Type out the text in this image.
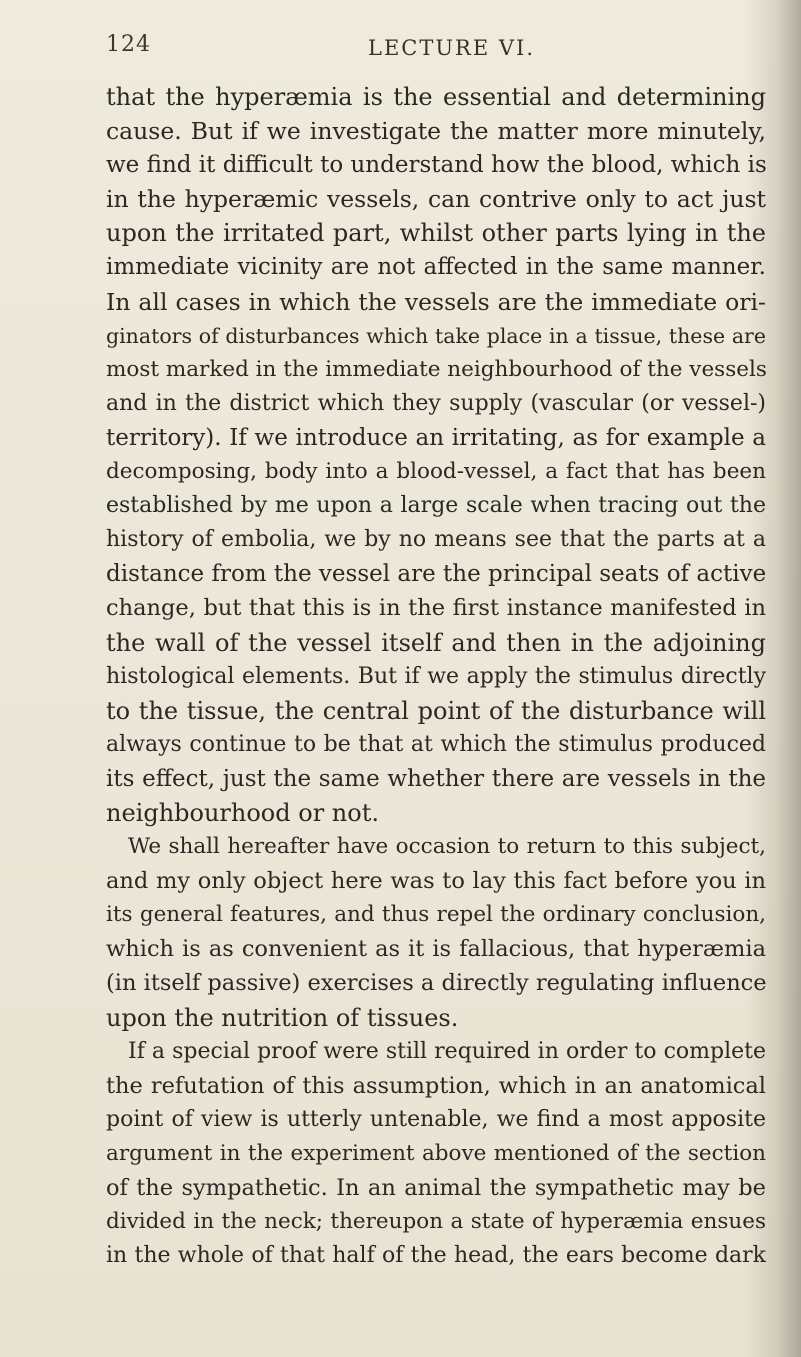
124	LECTURE VI.
that the hyperæmia is the essential and determining
cause. But if we investigate the matter more minutely,
we find it difficult to understand how the blood, which is
in the hyperæmic vessels, can contrive only to act just
upon the irritated part, whilst other parts lying in the
immediate vicinity are not affected in the same manner.
In all cases in which the vessels are the immediate ori-
ginators of disturbances which take place in a tissue, these are
most marked in the immediate neighbourhood of the vessels
and in the district which they supply (vascular (or vessel-)
territory). If we introduce an irritating, as for example a
decomposing, body into a blood-vessel, a fact that has been
established by me upon a large scale when tracing out the
history of embolia, we by no means see that the parts at a
distance from the vessel are the principal seats of active
change, but that this is in the first instance manifested in
the wall of the vessel itself and then in the adjoining
histological elements. But if we apply the stimulus directly
to the tissue, the central point of the disturbance will
always continue to be that at which the stimulus produced
its effect, just the same whether there are vessels in the
neighbourhood or not.
We shall hereafter have occasion to return to this subject,
and my only object here was to lay this fact before you in
its general features, and thus repel the ordinary conclusion,
which is as convenient as it is fallacious, that hyperæmia
(in itself passive) exercises a directly regulating influence
upon the nutrition of tissues.
If a special proof were still required in order to complete
the refutation of this assumption, which in an anatomical
point of view is utterly untenable, we find a most apposite
argument in the experiment above mentioned of the section
of the sympathetic. In an animal the sympathetic may be
divided in the neck; thereupon a state of hyperæmia ensues
in the whole of that half of the head, the ears become dark
